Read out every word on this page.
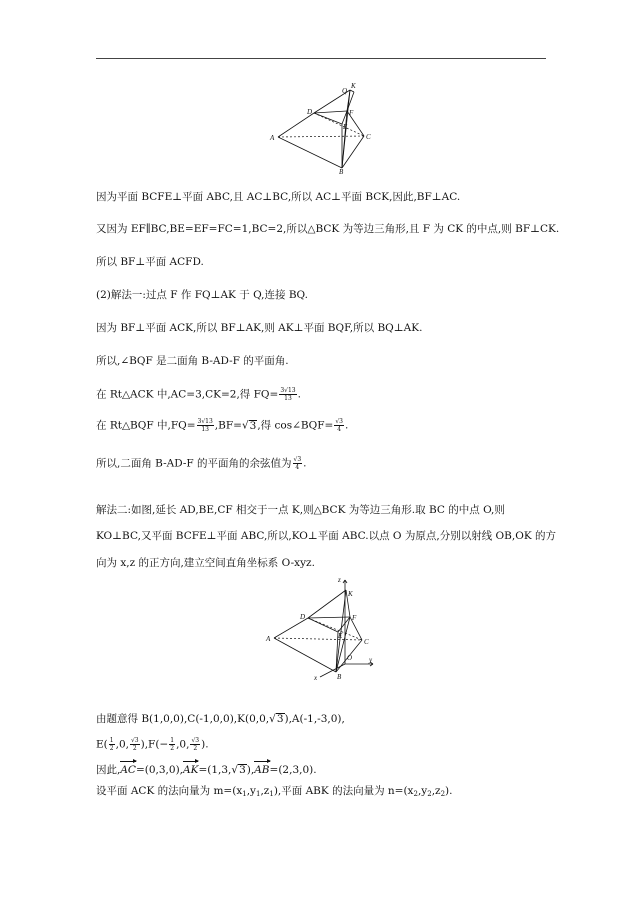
K
Q
D	F
E
A	C
B
因为平面 BCFE⊥平面 ABC,且 AC⊥BC,所以 AC⊥平面 BCK,因此,BF⊥AC.
又因为 EF∥BC,BE=EF=FC=1,BC=2,所以△BCK 为等边三角形,且 F 为 CK 的中点,则 BF⊥CK.
所以 BF⊥平面 ACFD.
(2)解法一:过点 F 作 FQ⊥AK 于 Q,连接 BQ.
因为 BF⊥平面 ACK,所以 BF⊥AK,则 AK⊥平面 BQF,所以 BQ⊥AK.
所以,∠BQF 是二面角 B-AD-F 的平面角.
在 Rt△ACK 中,AC=3,CK=2,得 $FQ= \frac{3√13}{13}$ .
在 Rt△BQF 中$,FQ= \frac{3√13}{13} ,BF=√3$,得 cos∠BQF= $\frac{√3}{4}$ .
所以,二面角 B-AD-F 的平面角的余弦值为 $\frac{√3}{4}$ .
解法二:如图,延长 AD,BE,CF 相交于一点 K,则△BCK 为等边三角形.取 BC 的中点 O,则
KO⊥BC,又平面 BCFE⊥平面 ABC,所以,KO⊥平面 ABC.以点 O 为原点,分别以射线 OB,OK 的方
向为 x,z 的正方向,建立空间直角坐标系 O-xyz.
z
K
D	F
E
A	C
O
B
y
x
由题意得 B(1,0,0),C(-1,0,0),K(0,0,√3),A(-1,-3,0),
$E( \frac{1}{2} ,0$, $\frac{√3}{2} ),F(- \frac{1}{2} ,0$, $\frac{√3}{2}$ ).
因此,AC=(0,3,0),AK=(1,3,√3),AB=(2,3,0).
设平面 ACK 的法向量为 $m=(x_1,y_1,z_1)$,平面 ABK 的法向量为 $n=(x_2,y_2,z_2)$.
